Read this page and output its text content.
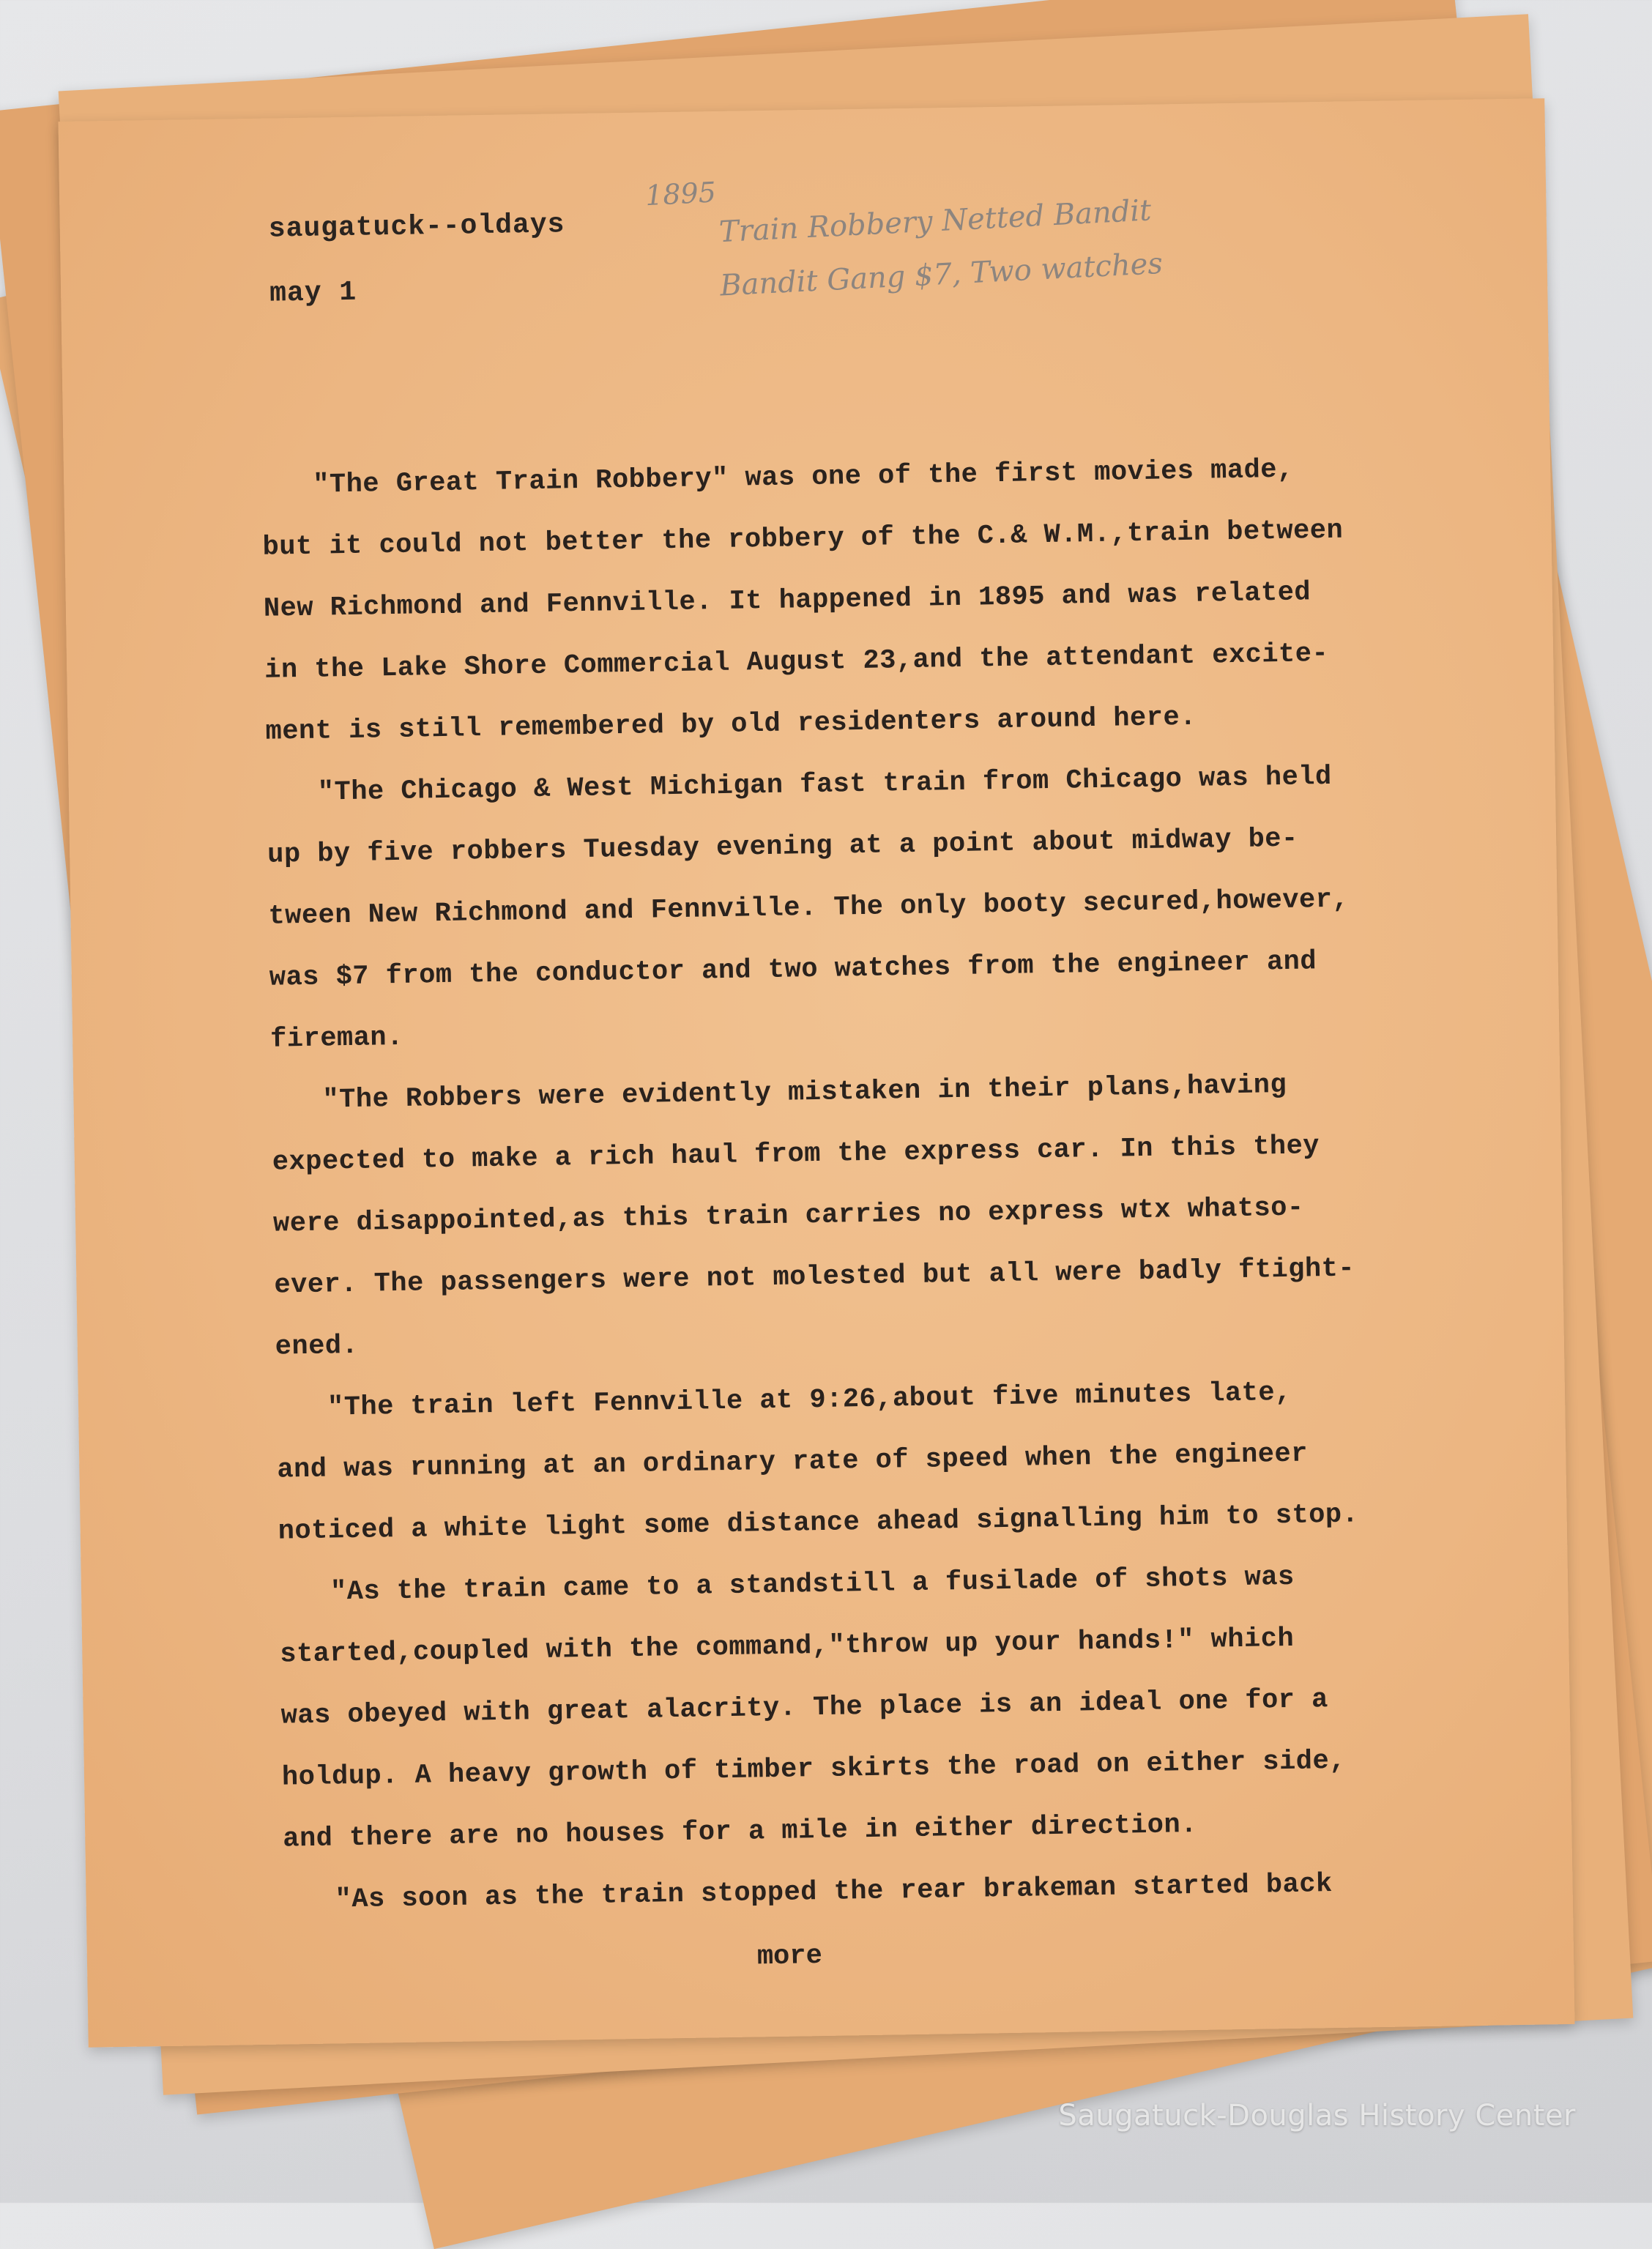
saugatuck--oldays
may 1
1895 Train Robbery Netted Bandit
Bandit Gang $7, Two watches
"The Great Train Robbery" was one of the first movies made,
but it could not better the robbery of the C.& W.M.,train between
New Richmond and Fennville. It happened in 1895 and was related
in the Lake Shore Commercial August 23,and the attendant excite-
ment is still remembered by old residenters around here.
"The Chicago & West Michigan fast train from Chicago was held
up by five robbers Tuesday evening at a point about midway be-
tween New Richmond and Fennville. The only booty secured,however,
was $7 from the conductor and two watches from the engineer and
fireman.
"The Robbers were evidently mistaken in their plans,having
expected to make a rich haul from the express car. In this they
were disappointed,as this train carries no express wtx whatso-
ever. The passengers were not molested but all were badly ftight-
ened.
"The train left Fennville at 9:26,about five minutes late,
and was running at an ordinary rate of speed when the engineer
noticed a white light some distance ahead signalling him to stop.
"As the train came to a standstill a fusilade of shots was
started,coupled with the command,"throw up your hands!" which
was obeyed with great alacrity. The place is an ideal one for a
holdup. A heavy growth of timber skirts the road on either side,
and there are no houses for a mile in either direction.
"As soon as the train stopped the rear brakeman started back
more
Saugatuck-Douglas History Center
